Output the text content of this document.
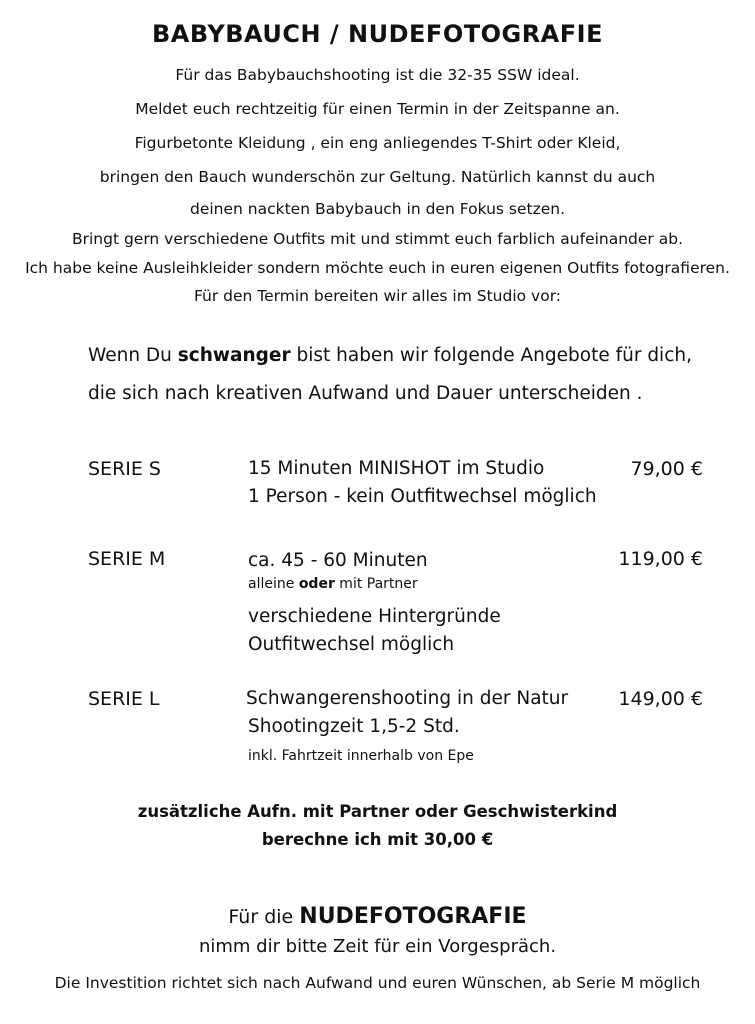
BABYBAUCH / NUDEFOTOGRAFIE
Für das Babybauchshooting ist die 32-35 SSW ideal.
Meldet euch rechtzeitig für einen Termin in der Zeitspanne an.
Figurbetonte Kleidung , ein eng anliegendes T-Shirt oder Kleid,
bringen den Bauch wunderschön zur Geltung. Natürlich kannst du auch
deinen nackten Babybauch in den Fokus setzen.
Bringt gern verschiedene Outfits mit und stimmt euch farblich aufeinander ab.
Ich habe keine Ausleihkleider sondern möchte euch in euren eigenen Outfits fotografieren.
Für den Termin bereiten wir alles im Studio vor:
Wenn Du schwanger bist haben wir folgende Angebote für dich,
die sich nach kreativen Aufwand und Dauer unterscheiden .
SERIE S	15 Minuten MINISHOT im Studio
1 Person - kein Outfitwechsel möglich
79,00 €
SERIE M	ca. 45 - 60 Minuten
alleine oder mit Partner
verschiedene Hintergründe
Outfitwechsel möglich
119,00 €
SERIE L	Schwangerenshooting in der Natur
Shootingzeit 1,5-2 Std.
inkl. Fahrtzeit innerhalb von Epe
149,00 €
zusätzliche Aufn. mit Partner oder Geschwisterkind
berechne ich mit 30,00 €
Für die NUDEFOTOGRAFIE
nimm dir bitte Zeit für ein Vorgespräch.
Die Investition richtet sich nach Aufwand und euren Wünschen, ab Serie M möglich
